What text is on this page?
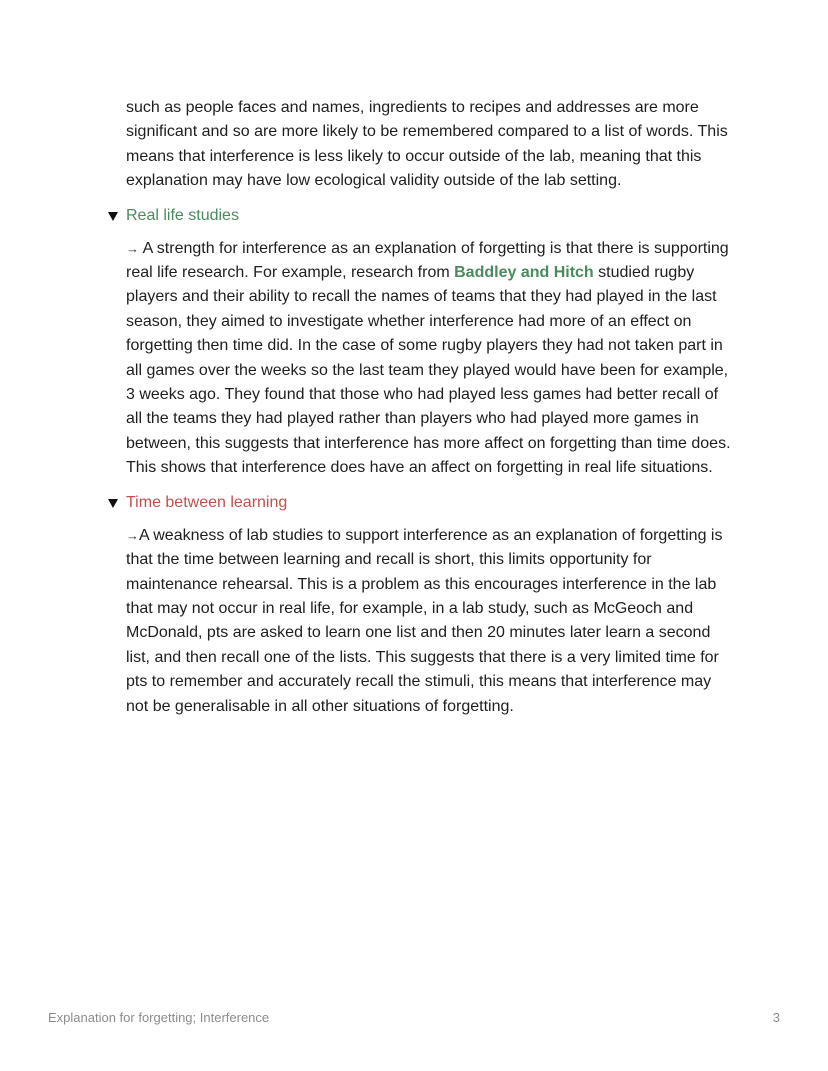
such as people faces and names, ingredients to recipes and addresses are more significant and so are more likely to be remembered compared to a list of words. This means that interference is less likely to occur outside of the lab, meaning that this explanation may have low ecological validity outside of the lab setting.

Real life studies

→ A strength for interference as an explanation of forgetting is that there is supporting real life research. For example, research from Baddley and Hitch studied rugby players and their ability to recall the names of teams that they had played in the last season, they aimed to investigate whether interference had more of an effect on forgetting then time did. In the case of some rugby players they had not taken part in all games over the weeks so the last team they played would have been for example, 3 weeks ago. They found that those who had played less games had better recall of all the teams they had played rather than players who had played more games in between, this suggests that interference has more affect on forgetting than time does. This shows that interference does have an affect on forgetting in real life situations.

Time between learning

→A weakness of lab studies to support interference as an explanation of forgetting is that the time between learning and recall is short, this limits opportunity for maintenance rehearsal. This is a problem as this encourages interference in the lab that may not occur in real life, for example, in a lab study, such as McGeoch and McDonald, pts are asked to learn one list and then 20 minutes later learn a second list, and then recall one of the lists. This suggests that there is a very limited time for pts to remember and accurately recall the stimuli, this means that interference may not be generalisable in all other situations of forgetting.

Explanation for forgetting; Interference	3
